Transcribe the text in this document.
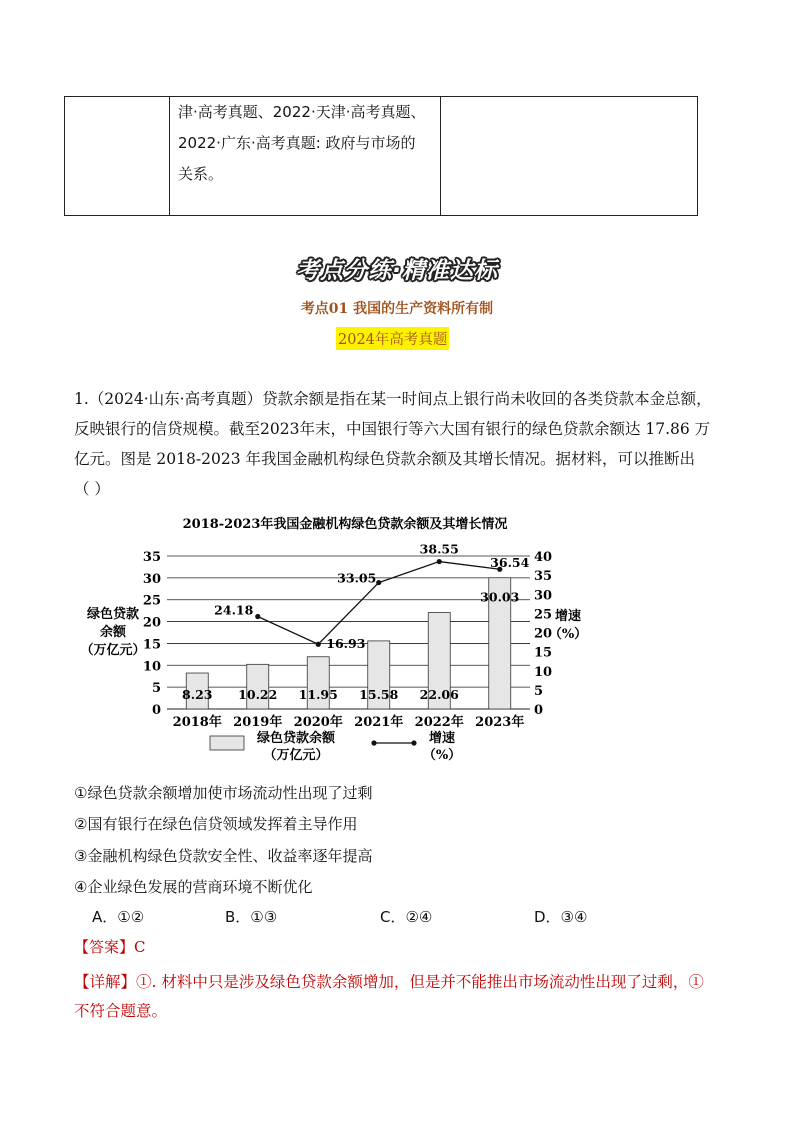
津·高考真题、2022·天津·高考真题、
2022·广东·高考真题: 政府与市场的
关系。

考点分练·精准达标
考点01 我国的生产资料所有制
2024年高考真题
1.（2024·山东·高考真题）贷款余额是指在某一时间点上银行尚未收回的各类贷款本金总额，
反映银行的信贷规模。截至2023年末，中国银行等六大国有银行的绿色贷款余额达 17.86 万
亿元。图是 2018-2023 年我国金融机构绿色贷款余额及其增长情况。据材料，可以推断出
（ ）
2018-2023年我国金融机构绿色贷款余额及其增长情况
0
5
10
15
20
25
30
35
0
5
10
15
20
25
30
35
40
8.23 10.22 11.95 15.58 22.06
30.03
24.18
16.93
33.05
38.55
36.54
2018年 2019年 2020年 2021年 2022年 2023年
绿色贷款
余额
（万亿元）
增速
（%）
绿色贷款余额
（万亿元）
增速
（%）
①绿色贷款余额增加使市场流动性出现了过剩
②国有银行在绿色信贷领域发挥着主导作用
③金融机构绿色贷款安全性、收益率逐年提高
④企业绿色发展的营商环境不断优化
A．①②	B．①③	C．②④	D．③④
【答案】C
【详解】①. 材料中只是涉及绿色贷款余额增加，但是并不能推出市场流动性出现了过剩，①
不符合题意。
